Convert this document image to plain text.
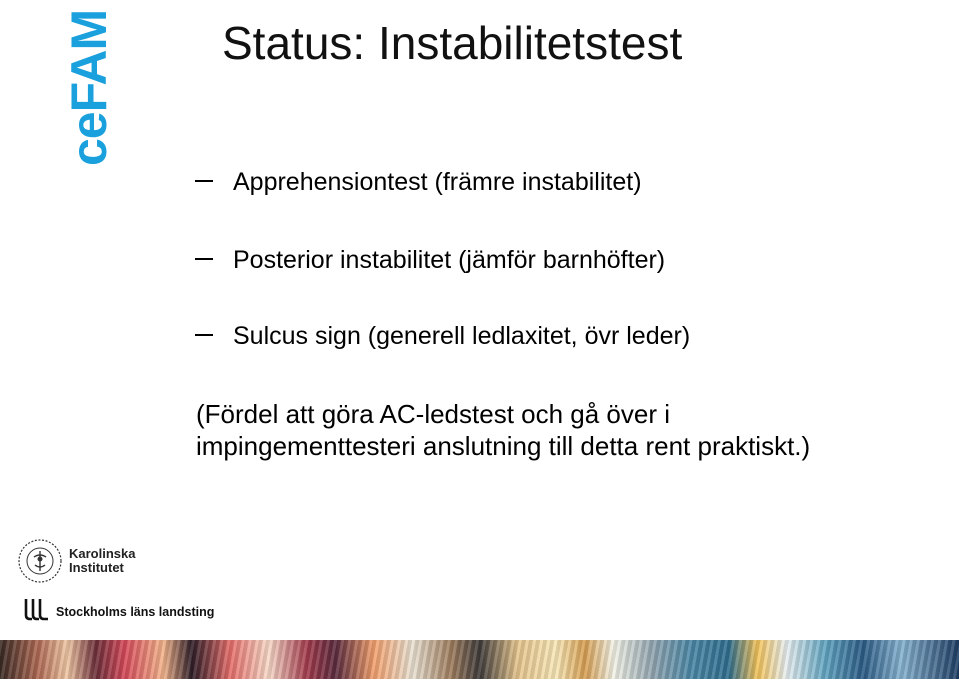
ceFAM Status: Instabilitetstest
Apprehensiontest (främre instabilitet)
Posterior instabilitet (jämför barnhöfter)
Sulcus sign (generell ledlaxitet, övr leder)
(Fördel att göra AC-ledstest och gå över i impingementtesteri anslutning till detta rent praktiskt.)
Karolinska
Institutet
Stockholms läns landsting
